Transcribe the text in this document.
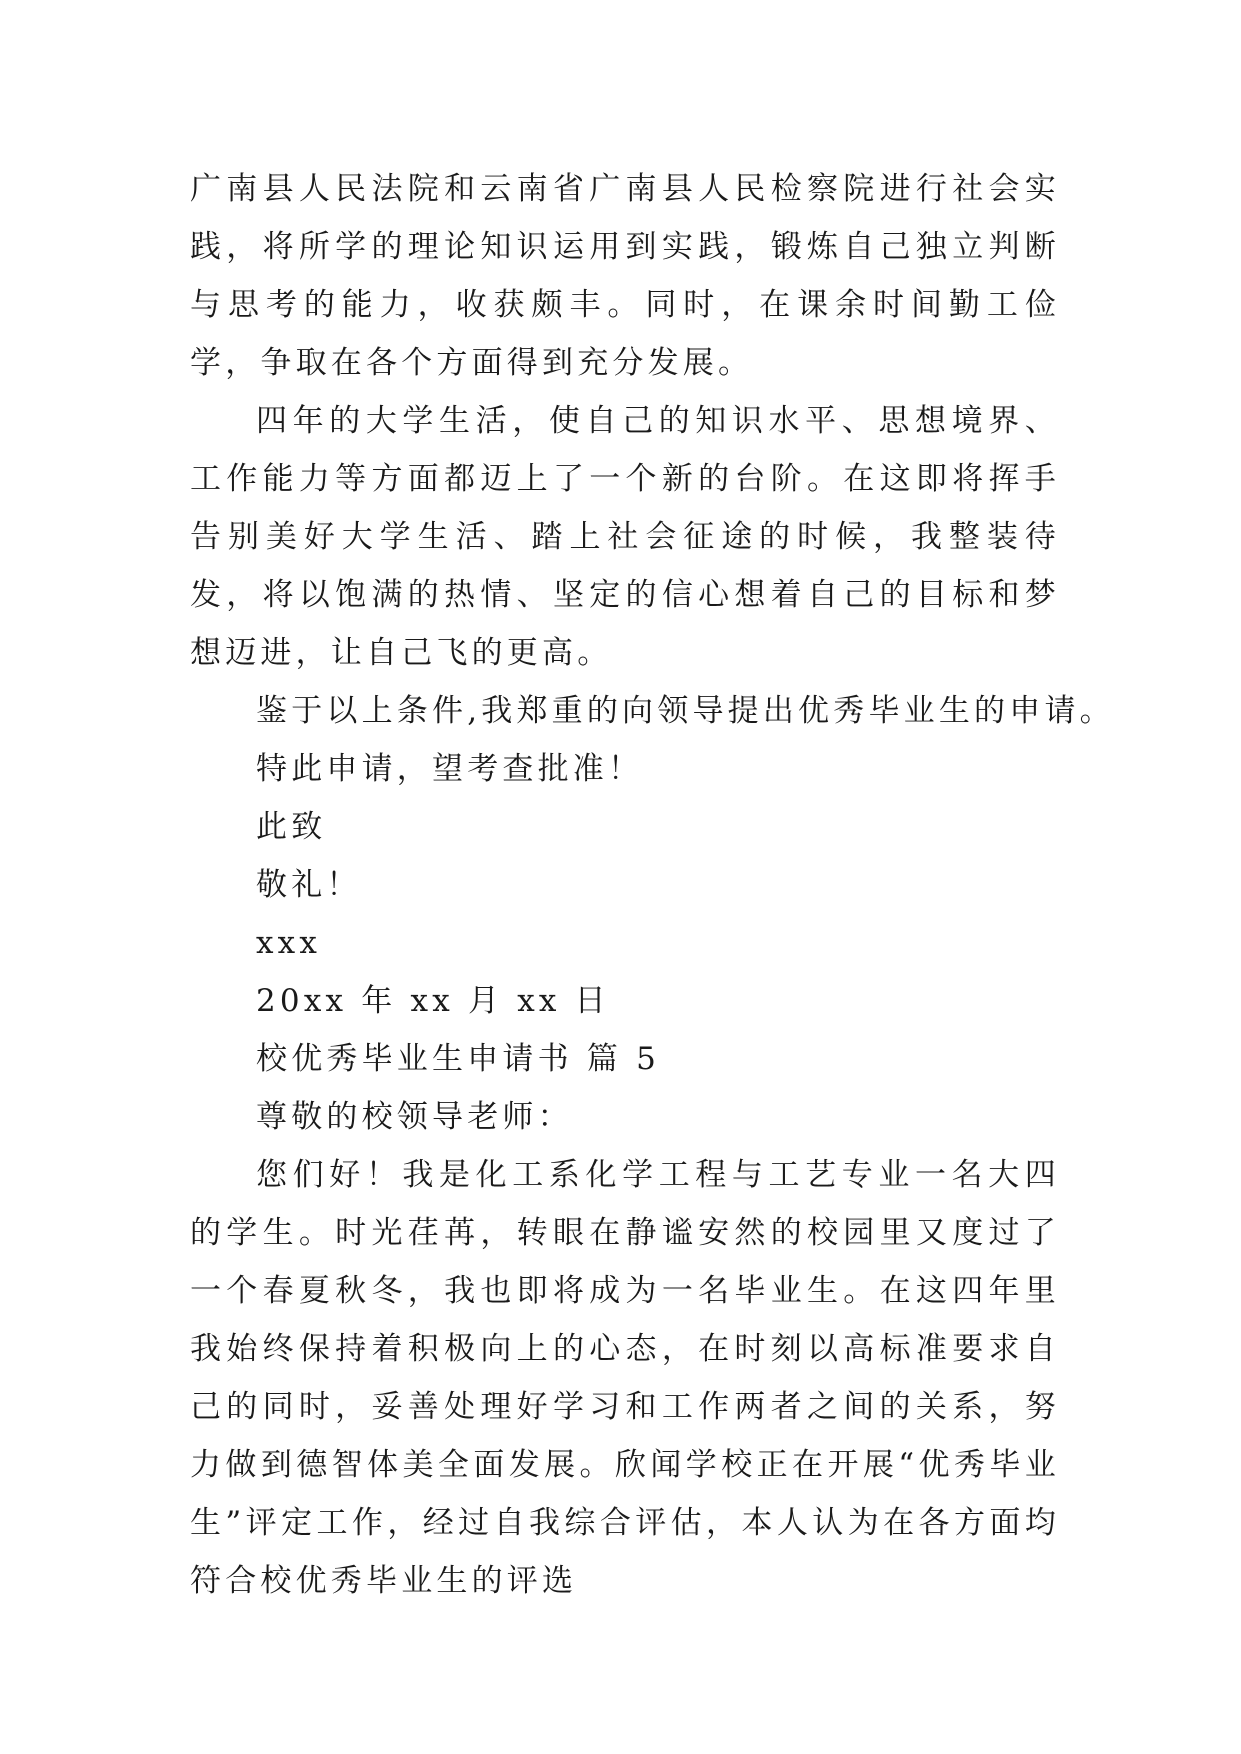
广南县人民法院和云南省广南县人民检察院进行社会实践，将所学的理论知识运用到实践，锻炼自己独立判断与思考的能力，收获颇丰。同时，在课余时间勤工俭学，争取在各个方面得到充分发展。

四年的大学生活，使自己的知识水平、思想境界、工作能力等方面都迈上了一个新的台阶。在这即将挥手告别美好大学生活、踏上社会征途的时候，我整装待发，将以饱满的热情、坚定的信心想着自己的目标和梦想迈进，让自己飞的更高。

鉴于以上条件,我郑重的向领导提出优秀毕业生的申请。

特此申请，望考查批准！

此致

敬礼！

xxx

20xx 年 xx 月 xx 日

校优秀毕业生申请书 篇 5

尊敬的校领导老师：

您们好！我是化工系化学工程与工艺专业一名大四的学生。时光荏苒，转眼在静谧安然的校园里又度过了一个春夏秋冬，我也即将成为一名毕业生。在这四年里我始终保持着积极向上的心态，在时刻以高标准要求自己的同时，妥善处理好学习和工作两者之间的关系，努力做到德智体美全面发展。欣闻学校正在开展“优秀毕业生”评定工作，经过自我综合评估，本人认为在各方面均符合校优秀毕业生的评选
